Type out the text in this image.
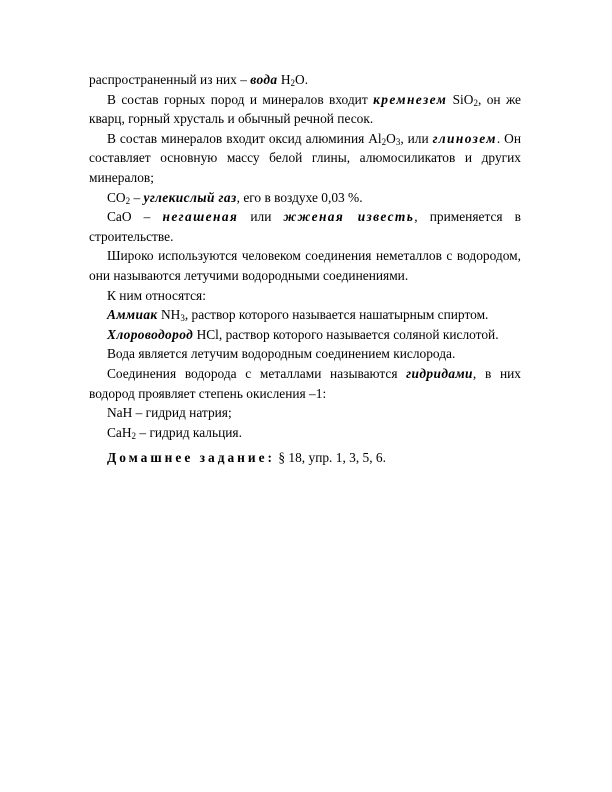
распространенный из них – вода $H_2O$.

В состав горных пород и минералов входит кремнезем SiO$_2$, он же кварц, горный хрусталь и обычный речной песок.

В состав минералов входит оксид алюминия $Al_2O_3$, или глинозем. Он составляет основную массу белой глины, алюмосиликатов и других минералов;

$CO_2$ – углекислый газ, его в воздухе 0,03 %.

CaO – негашеная или жженая известь, применяется в строительстве.

Широко используются человеком соединения неметаллов с водородом, они называются летучими водородными соединениями.

К ним относятся:

Аммиак $NH_3$, раствор которого называется нашатырным спиртом.

Хлороводород HCl, раствор которого называется соляной кислотой.

Вода является летучим водородным соединением кислорода.

Соединения водорода с металлами называются гидридами, в них водород проявляет степень окисления –1:

NaH – гидрид натрия;

CaH$_2$ – гидрид кальция.

Домашнее задание: § 18, упр. 1, 3, 5, 6.
